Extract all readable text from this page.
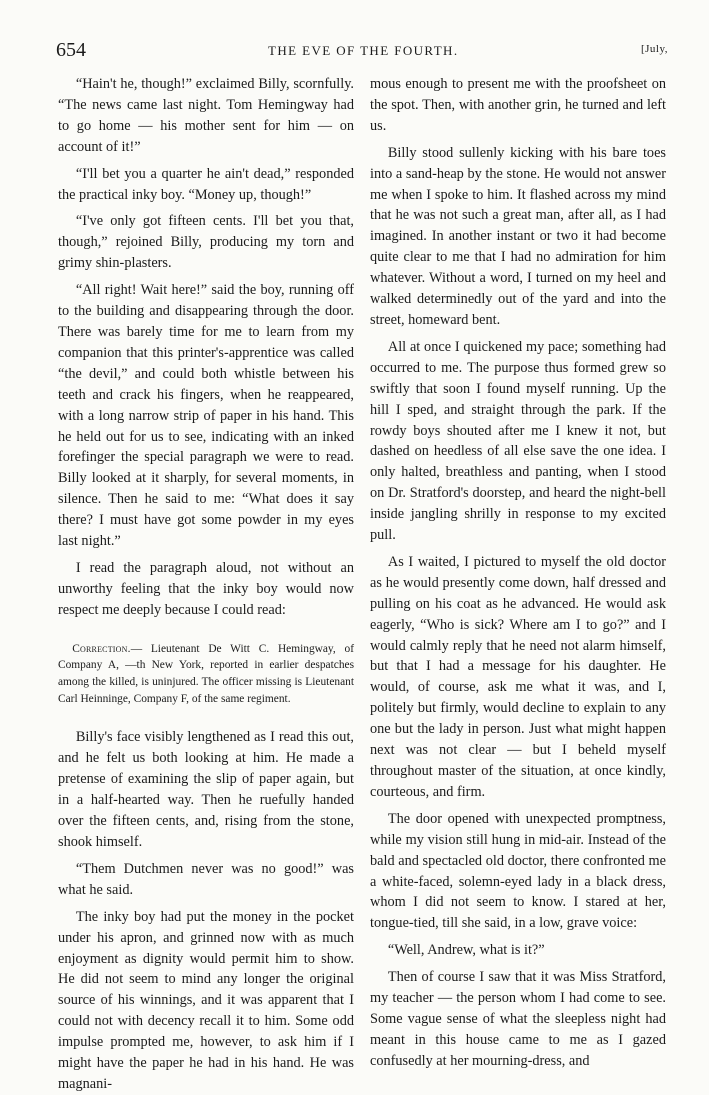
654	THE EVE OF THE FOURTH.	[July,

“Hain't he, though!” exclaimed Billy, scornfully. “The news came last night. Tom Hemingway had to go home — his mother sent for him — on account of it!”

“I'll bet you a quarter he ain't dead,” responded the practical inky boy. “Money up, though!”

“I've only got fifteen cents. I'll bet you that, though,” rejoined Billy, producing my torn and grimy shin-plasters.

“All right! Wait here!” said the boy, running off to the building and disappearing through the door. There was barely time for me to learn from my companion that this printer's-apprentice was called “the devil,” and could both whistle between his teeth and crack his fingers, when he reappeared, with a long narrow strip of paper in his hand. This he held out for us to see, indicating with an inked forefinger the special paragraph we were to read. Billy looked at it sharply, for several moments, in silence. Then he said to me: “What does it say there? I must have got some powder in my eyes last night.”

I read the paragraph aloud, not without an unworthy feeling that the inky boy would now respect me deeply because I could read:

Correction.— Lieutenant De Witt C. Hemingway, of Company A, —th New York, reported in earlier despatches among the killed, is uninjured. The officer missing is Lieutenant Carl Heinninge, Company F, of the same regiment.

Billy's face visibly lengthened as I read this out, and he felt us both looking at him. He made a pretense of examining the slip of paper again, but in a half-hearted way. Then he ruefully handed over the fifteen cents, and, rising from the stone, shook himself.

“Them Dutchmen never was no good!” was what he said.

The inky boy had put the money in the pocket under his apron, and grinned now with as much enjoyment as dignity would permit him to show. He did not seem to mind any longer the original source of his winnings, and it was apparent that I could not with decency recall it to him. Some odd impulse prompted me, however, to ask him if I might have the paper he had in his hand. He was magnani-

mous enough to present me with the proofsheet on the spot. Then, with another grin, he turned and left us.

Billy stood sullenly kicking with his bare toes into a sand-heap by the stone. He would not answer me when I spoke to him. It flashed across my mind that he was not such a great man, after all, as I had imagined. In another instant or two it had become quite clear to me that I had no admiration for him whatever. Without a word, I turned on my heel and walked determinedly out of the yard and into the street, homeward bent.

All at once I quickened my pace; something had occurred to me. The purpose thus formed grew so swiftly that soon I found myself running. Up the hill I sped, and straight through the park. If the rowdy boys shouted after me I knew it not, but dashed on heedless of all else save the one idea. I only halted, breathless and panting, when I stood on Dr. Stratford's doorstep, and heard the night-bell inside jangling shrilly in response to my excited pull.

As I waited, I pictured to myself the old doctor as he would presently come down, half dressed and pulling on his coat as he advanced. He would ask eagerly, “Who is sick? Where am I to go?” and I would calmly reply that he need not alarm himself, but that I had a message for his daughter. He would, of course, ask me what it was, and I, politely but firmly, would decline to explain to any one but the lady in person. Just what might happen next was not clear — but I beheld myself throughout master of the situation, at once kindly, courteous, and firm.

The door opened with unexpected promptness, while my vision still hung in mid-air. Instead of the bald and spectacled old doctor, there confronted me a white-faced, solemn-eyed lady in a black dress, whom I did not seem to know. I stared at her, tongue-tied, till she said, in a low, grave voice:

“Well, Andrew, what is it?”

Then of course I saw that it was Miss Stratford, my teacher — the person whom I had come to see. Some vague sense of what the sleepless night had meant in this house came to me as I gazed confusedly at her mourning-dress, and
